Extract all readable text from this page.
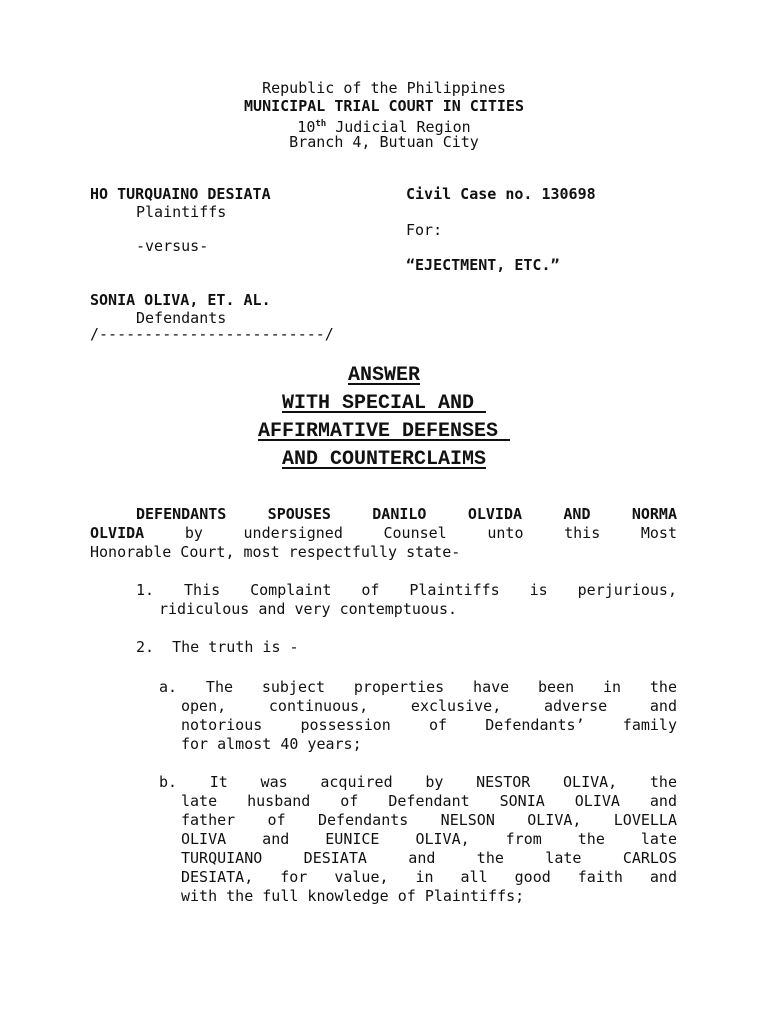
Republic of the Philippines
MUNICIPAL TRIAL COURT IN CITIES
10th Judicial Region
Branch 4, Butuan City
HO TURQUAINO DESIATA
Plaintiffs
-versus-
SONIA OLIVA, ET. AL.
Defendants
/-------------------------/
Civil Case no. 130698
For:
“EJECTMENT, ETC.”
ANSWER
WITH SPECIAL AND
AFFIRMATIVE DEFENSES
AND COUNTERCLAIMS
DEFENDANTS SPOUSES DANILO OLVIDA AND NORMA
OLVIDA by undersigned Counsel unto this Most
Honorable Court, most respectfully state-
1. This Complaint of Plaintiffs is perjurious,
ridiculous and very contemptuous.
2.  The truth is -
a. The subject properties have been in the
open, continuous, exclusive, adverse and
notorious possession of Defendants’ family
for almost 40 years;
b. It was acquired by NESTOR OLIVA, the
late husband of Defendant SONIA OLIVA and
father of Defendants NELSON OLIVA, LOVELLA
OLIVA and EUNICE OLIVA, from the late
TURQUIANO DESIATA and the late CARLOS
DESIATA, for value, in all good faith and
with the full knowledge of Plaintiffs;
